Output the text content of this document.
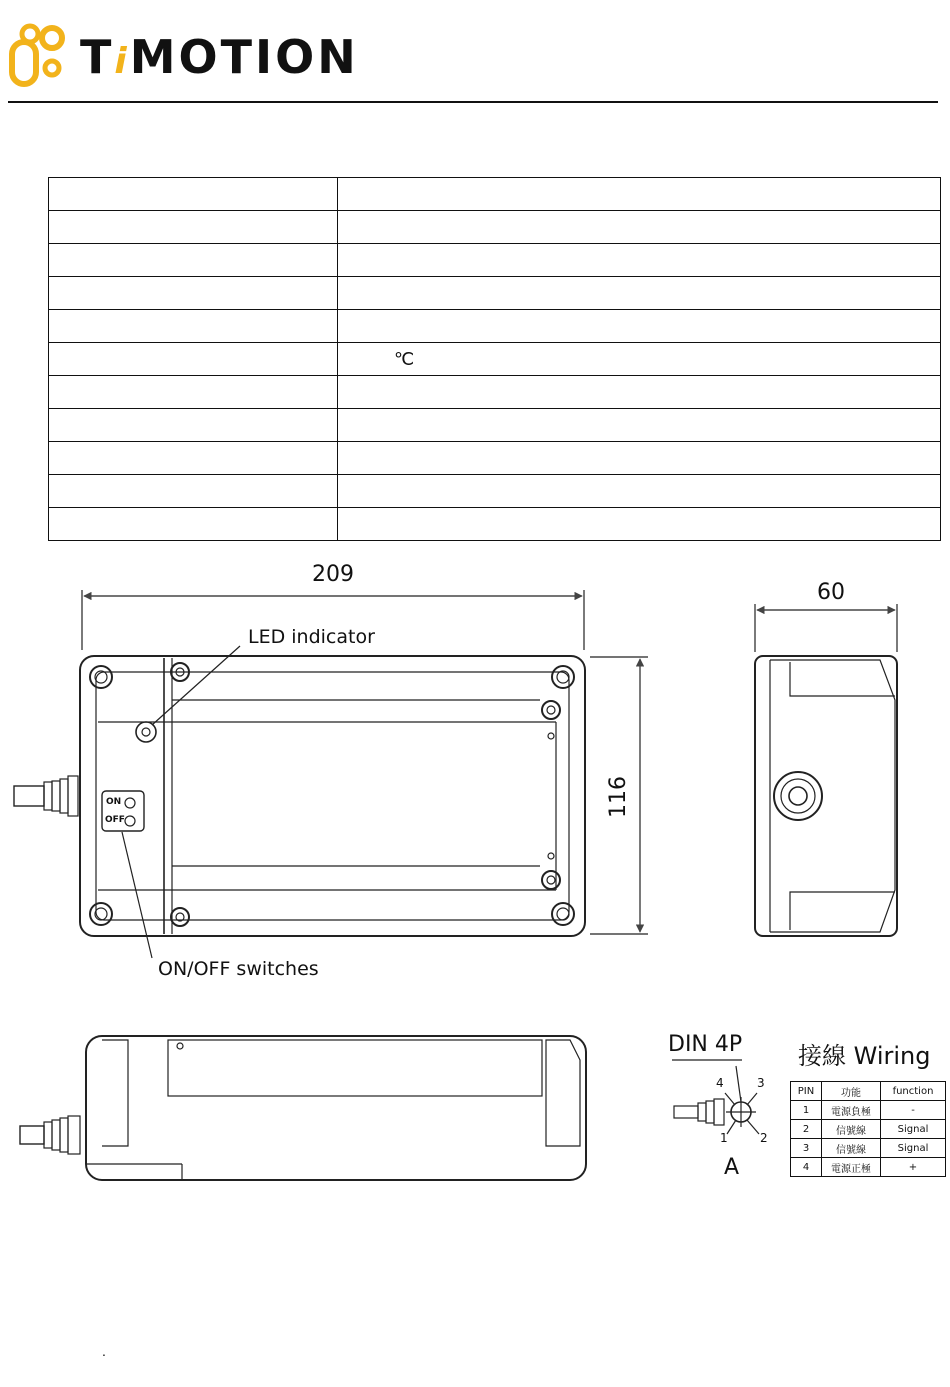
TiMOTION

	℃

209
60
116
LED indicator
ON/OFF switches
ON
OFF
DIN 4P
4	3
1	2
A
接線 Wiring
PIN	功能	function
1	電源負極	-
2	信號線	Signal
3	信號線	Signal
4	電源正極	+
.
